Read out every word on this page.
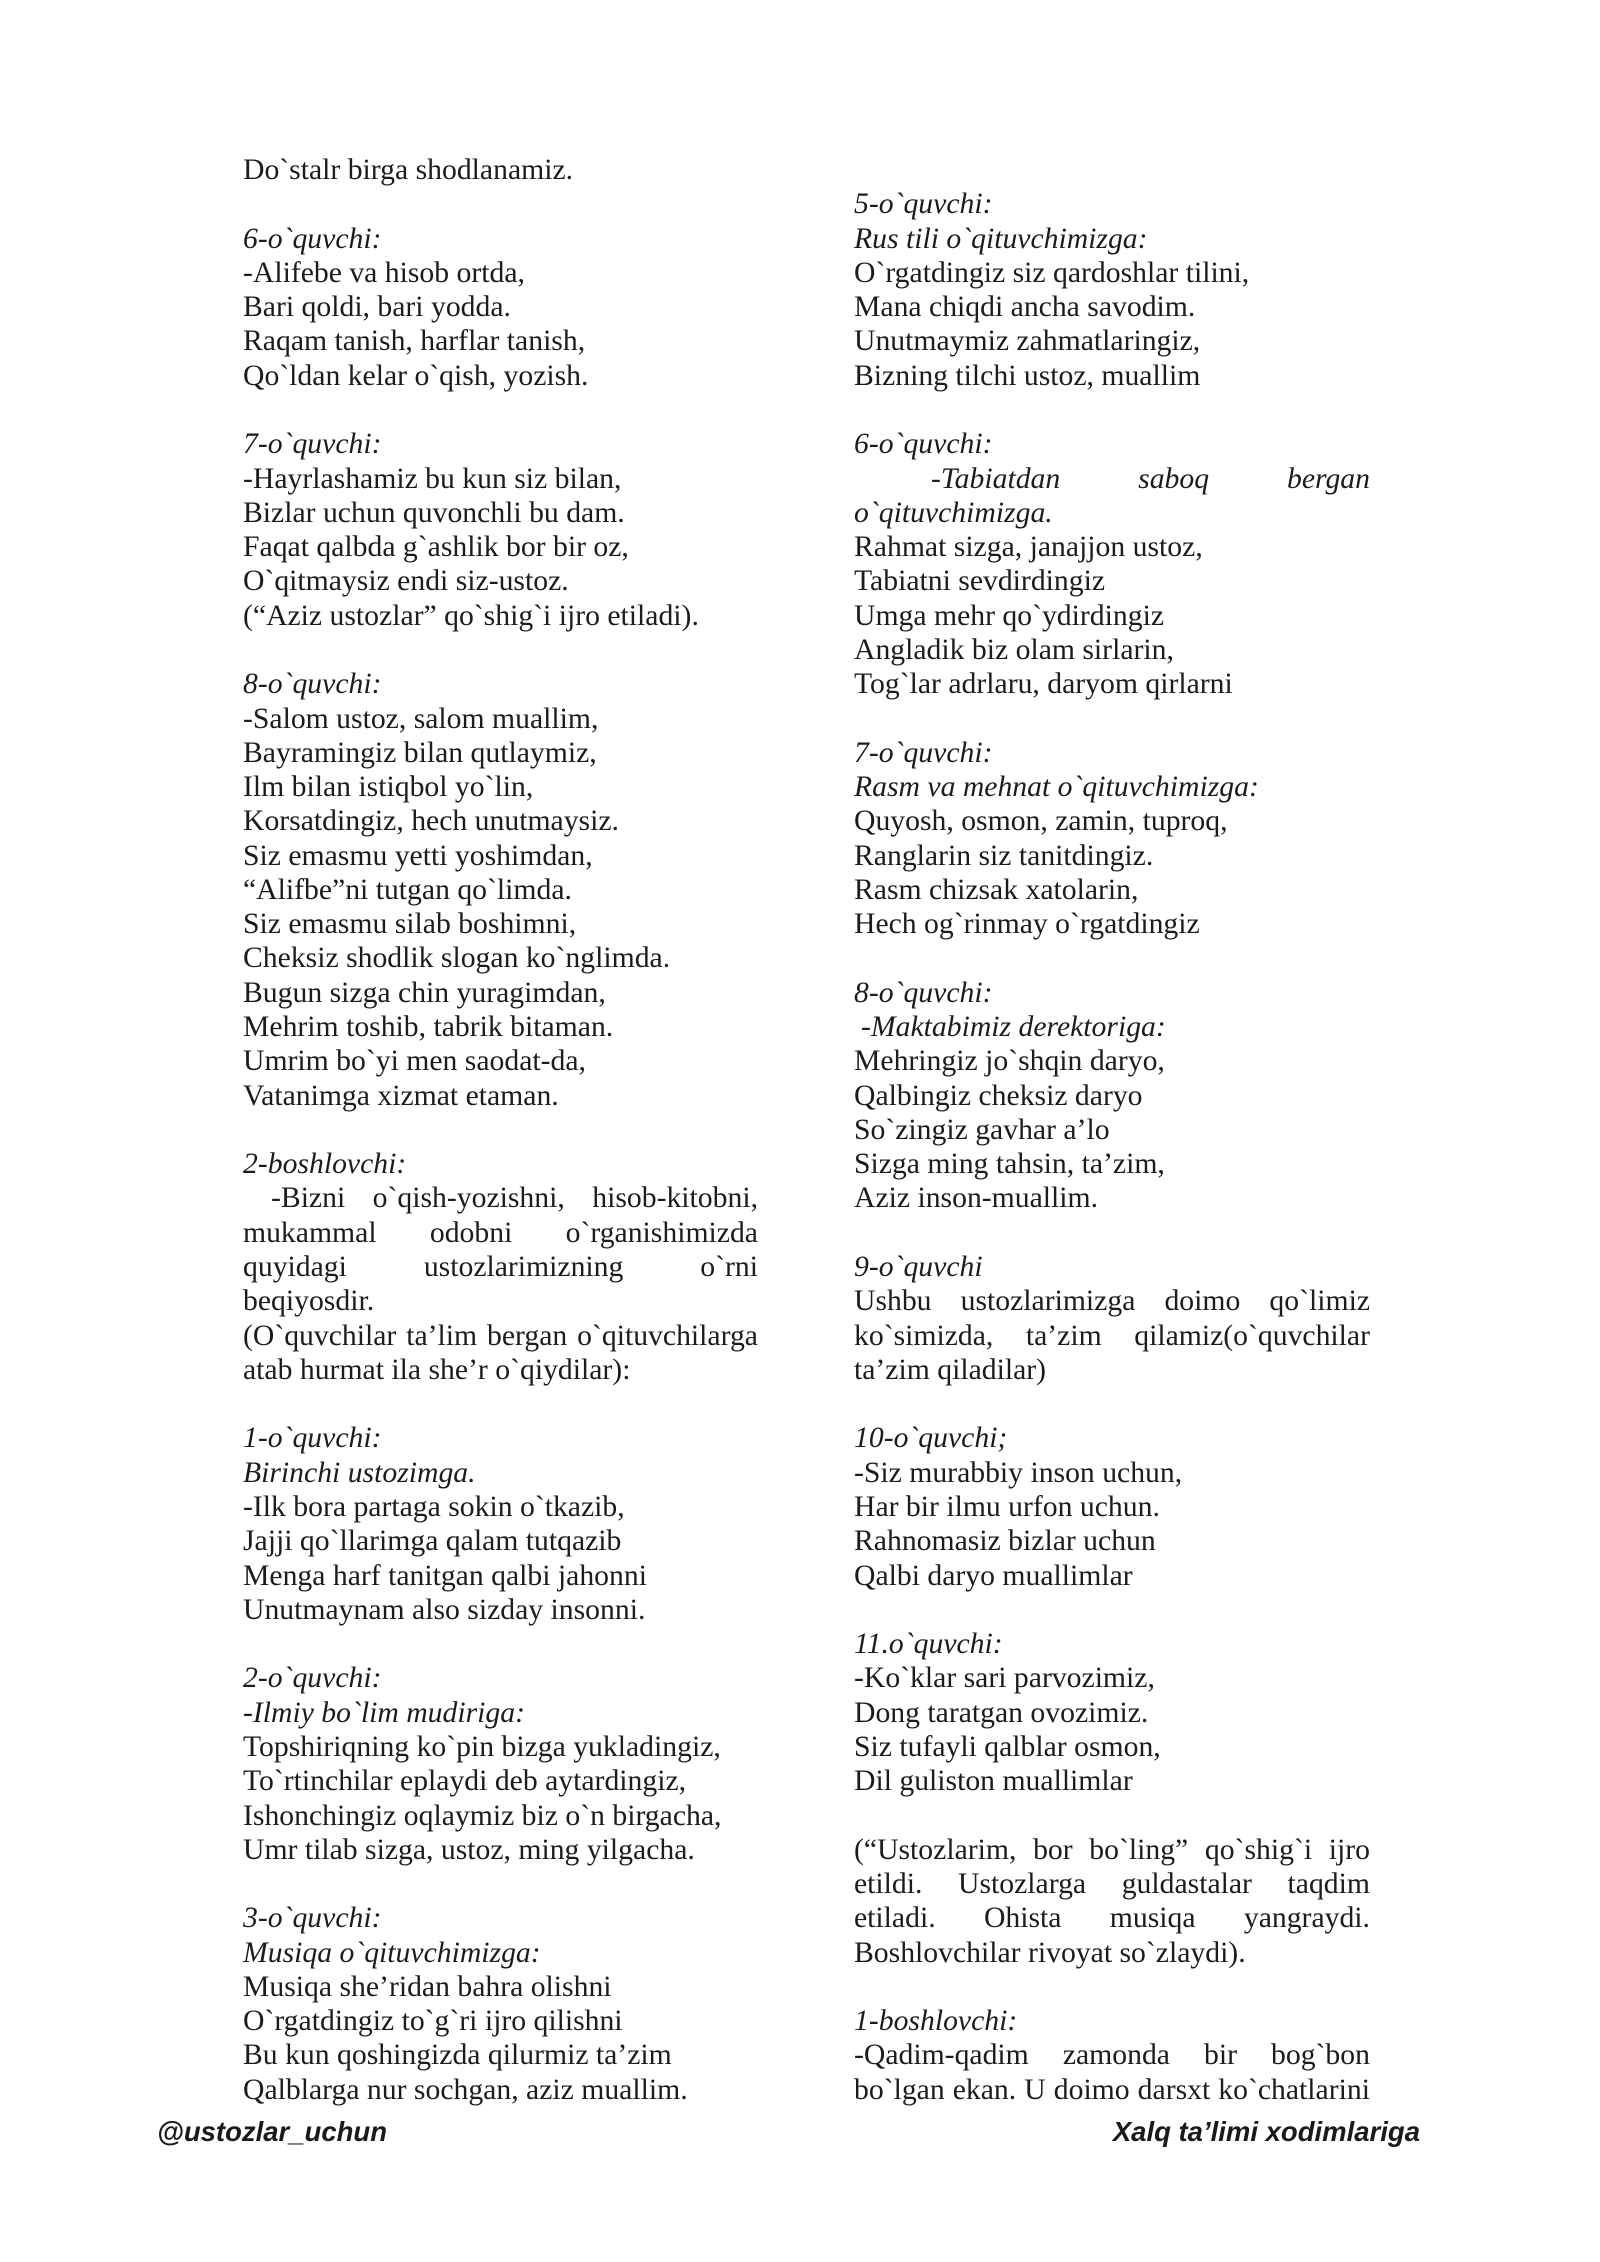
Do`stalr birga shodlanamiz.
6-o`quvchi:
-Alifebe va hisob ortda,
Bari qoldi, bari yodda.
Raqam tanish, harflar tanish,
Qo`ldan kelar o`qish, yozish.
7-o`quvchi:
-Hayrlashamiz bu kun siz bilan,
Bizlar uchun quvonchli bu dam.
Faqat qalbda g`ashlik bor bir oz,
O`qitmaysiz endi siz-ustoz.
(“Aziz ustozlar” qo`shig`i ijro etiladi).
8-o`quvchi:
-Salom ustoz, salom muallim,
Bayramingiz bilan qutlaymiz,
Ilm bilan istiqbol yo`lin,
Korsatdingiz, hech unutmaysiz.
Siz emasmu yetti yoshimdan,
“Alifbe”ni tutgan qo`limda.
Siz emasmu silab boshimni,
Cheksiz shodlik slogan ko`nglimda.
Bugun sizga chin yuragimdan,
Mehrim toshib, tabrik bitaman.
Umrim bo`yi men saodat-da,
Vatanimga xizmat etaman.
2-boshlovchi:
-Bizni o`qish-yozishni, hisob-kitobni,
mukammal odobni o`rganishimizda
quyidagi	ustozlarimizning	o`rni
beqiyosdir.
(O`quvchilar ta’lim bergan o`qituvchilarga
atab hurmat ila she’r o`qiydilar):
1-o`quvchi:
Birinchi ustozimga.
-Ilk bora partaga sokin o`tkazib,
Jajji qo`llarimga qalam tutqazib
Menga harf tanitgan qalbi jahonni
Unutmaynam also sizday insonni.
2-o`quvchi:
-Ilmiy bo`lim mudiriga:
Topshiriqning ko`pin bizga yukladingiz,
To`rtinchilar eplaydi deb aytardingiz,
Ishonchingiz oqlaymiz biz o`n birgacha,
Umr tilab sizga, ustoz, ming yilgacha.
3-o`quvchi:
Musiqa o`qituvchimizga:
Musiqa she’ridan bahra olishni
O`rgatdingiz to`g`ri ijro qilishni
Bu kun qoshingizda qilurmiz ta’zim
Qalblarga nur sochgan, aziz muallim.
5-o`quvchi:
Rus tili o`qituvchimizga:
O`rgatdingiz siz qardoshlar tilini,
Mana chiqdi ancha savodim.
Unutmaymiz zahmatlaringiz,
Bizning tilchi ustoz, muallim
6-o`quvchi:
-Tabiatdan	saboq	bergan
o`qituvchimizga.
Rahmat sizga, janajjon ustoz,
Tabiatni sevdirdingiz
Umga mehr qo`ydirdingiz
Angladik biz olam sirlarin,
Tog`lar adrlaru, daryom qirlarni
7-o`quvchi:
Rasm va mehnat o`qituvchimizga:
Quyosh, osmon, zamin, tuproq,
Ranglarin siz tanitdingiz.
Rasm chizsak xatolarin,
Hech og`rinmay o`rgatdingiz
8-o`quvchi:
-Maktabimiz derektoriga:
Mehringiz jo`shqin daryo,
Qalbingiz cheksiz daryo
So`zingiz gavhar a’lo
Sizga ming tahsin, ta’zim,
Aziz inson-muallim.
9-o`quvchi
Ushbu ustozlarimizga doimo qo`limiz
ko`simizda, ta’zim qilamiz(o`quvchilar
ta’zim qiladilar)
10-o`quvchi;
-Siz murabbiy inson uchun,
Har bir ilmu urfon uchun.
Rahnomasiz bizlar uchun
Qalbi daryo muallimlar
11.o`quvchi:
-Ko`klar sari parvozimiz,
Dong taratgan ovozimiz.
Siz tufayli qalblar osmon,
Dil guliston muallimlar
(“Ustozlarim, bor bo`ling” qo`shig`i ijro
etildi. Ustozlarga guldastalar taqdim
etiladi. Ohista musiqa yangraydi.
Boshlovchilar rivoyat so`zlaydi).
1-boshlovchi:
-Qadim-qadim zamonda bir bog`bon
bo`lgan ekan. U doimo darsxt ko`chatlarini
@ustozlar_uchun	Xalq ta’limi xodimlariga
